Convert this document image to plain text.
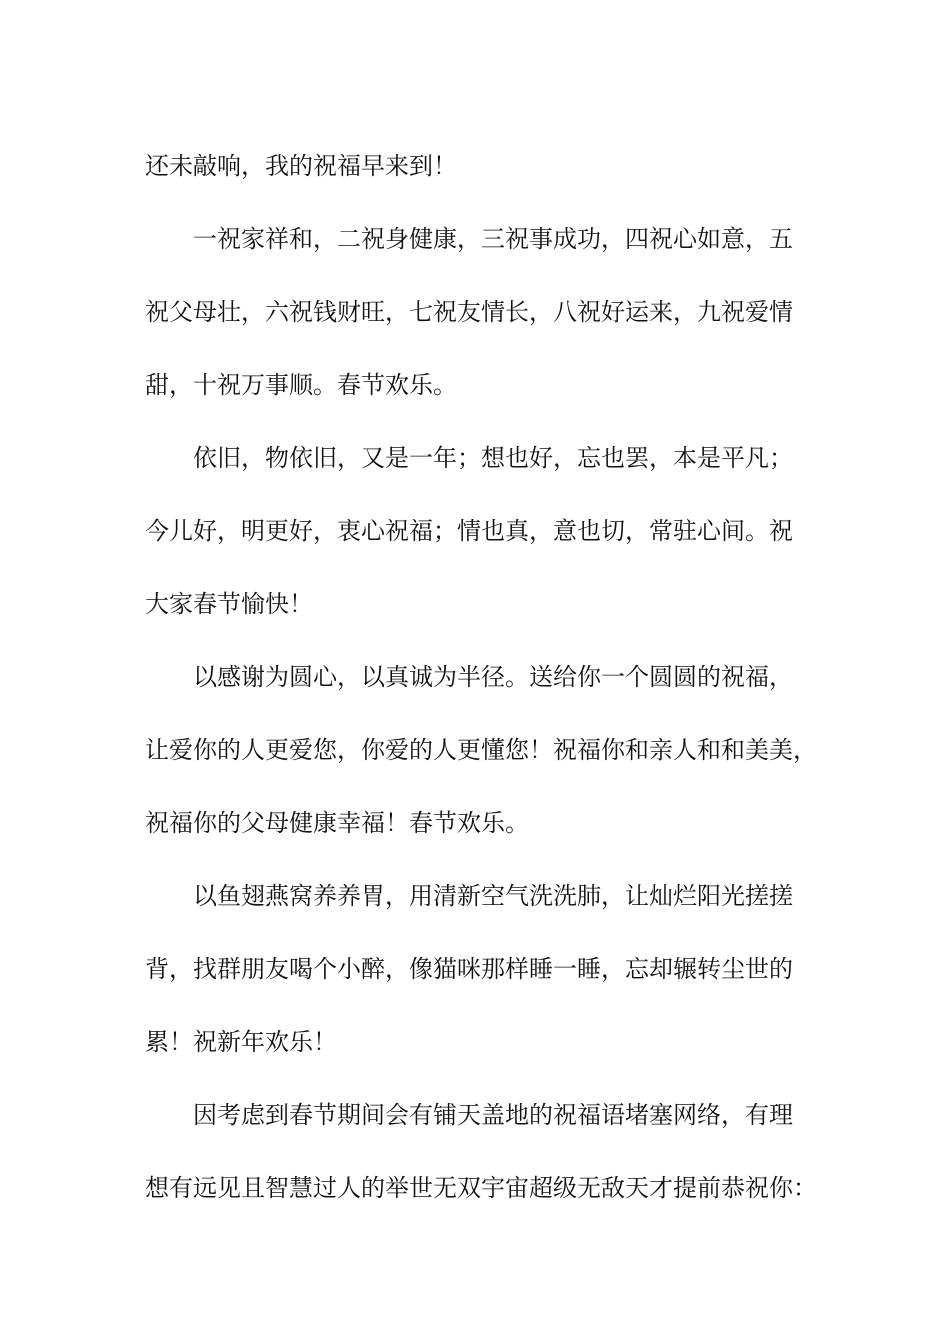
还未敲响，我的祝福早来到！

一祝家祥和，二祝身健康，三祝事成功，四祝心如意，五

祝父母壮，六祝钱财旺，七祝友情长，八祝好运来，九祝爱情

甜，十祝万事顺。春节欢乐。

依旧，物依旧，又是一年；想也好，忘也罢，本是平凡；

今儿好，明更好，衷心祝福；情也真，意也切，常驻心间。祝

大家春节愉快！

以感谢为圆心，以真诚为半径。送给你一个圆圆的祝福，

让爱你的人更爱您，你爱的人更懂您！祝福你和亲人和和美美，

祝福你的父母健康幸福！春节欢乐。

以鱼翅燕窝养养胃，用清新空气洗洗肺，让灿烂阳光搓搓

背，找群朋友喝个小醉，像猫咪那样睡一睡，忘却辗转尘世的

累！祝新年欢乐！

因考虑到春节期间会有铺天盖地的祝福语堵塞网络，有理

想有远见且智慧过人的举世无双宇宙超级无敌天才提前恭祝你：
